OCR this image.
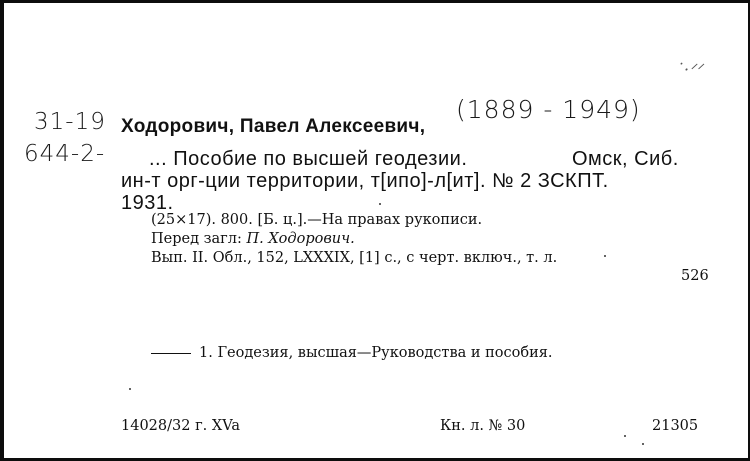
˙·ᐟᐟ
31-19
644-2-
Ходорович, Павел Алексеевич,
(1889 - 1949)
... Пособие по высшей геодезии.	Омск, Сиб.
ин-т орг-ции территории, т[ипо]-л[ит]. № 2 ЗСКПТ.
1931.
(25×17). 800. [Б. ц.].—На правах рукописи.
Перед загл: П. Ходорович.
Вып. II. Обл., 152, LXXXIX, [1] с., с черт. включ., т. л.
526
1. Геодезия, высшая—Руководства и пособия.
14028/32 г. XVa	Кн. л. № 30	21305
